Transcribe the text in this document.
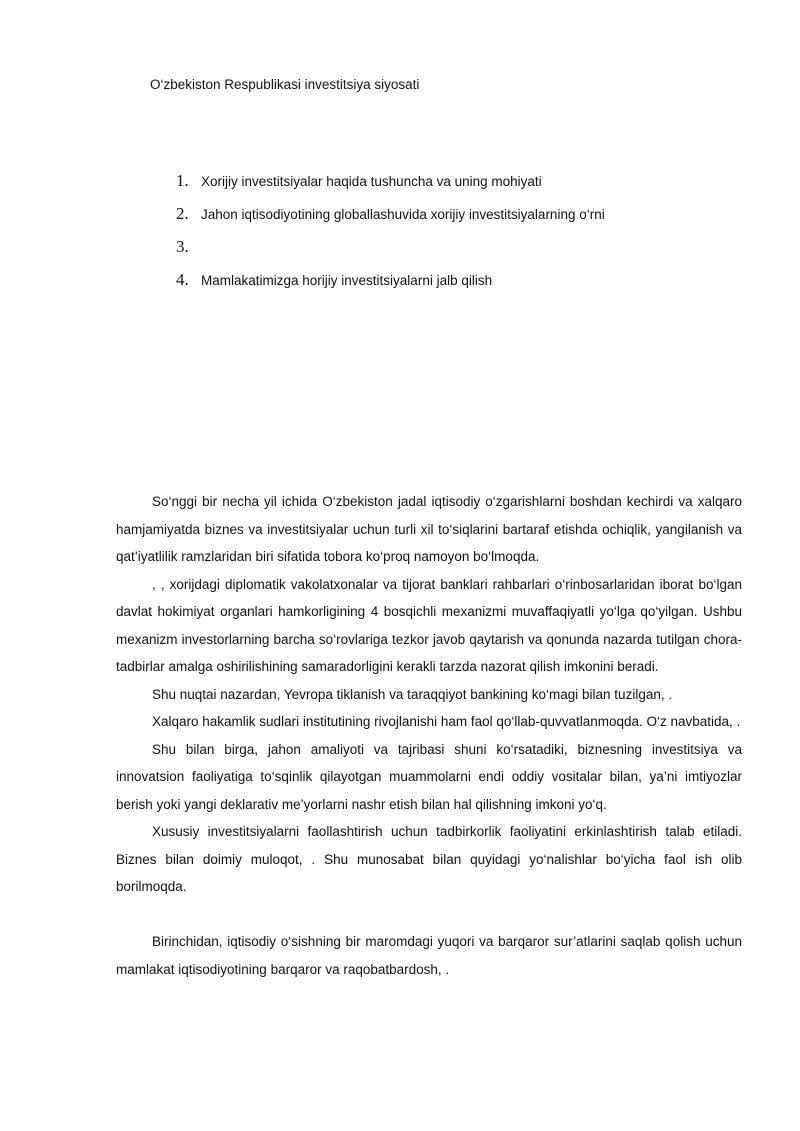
O‘zbekiston Respublikasi investitsiya siyosati
1. Xorijiy investitsiyalar haqida tushuncha va uning mohiyati
2. Jahon iqtisodiyotining globallashuvida xorijiy investitsiyalarning o‘rni
3.
4. Mamlakatimizga horijiy investitsiyalarni jalb qilish

So‘nggi bir necha yil ichida O‘zbekiston jadal iqtisodiy o‘zgarishlarni boshdan kechirdi va xalqaro hamjamiyatda biznes va investitsiyalar uchun turli xil to‘siqlarini bartaraf etishda ochiqlik, yangilanish va qat’iyatlilik ramzlaridan biri sifatida tobora ko‘proq namoyon bo‘lmoqda.

, , xorijdagi diplomatik vakolatxonalar va tijorat banklari rahbarlari o‘rinbosarlaridan iborat bo‘lgan davlat hokimiyat organlari hamkorligining 4 bosqichli mexanizmi muvaffaqiyatli yo‘lga qo‘yilgan. Ushbu mexanizm investorlarning barcha so‘rovlariga tezkor javob qaytarish va qonunda nazarda tutilgan chora-tadbirlar amalga oshirilishining samaradorligini kerakli tarzda nazorat qilish imkonini beradi.

Shu nuqtai nazardan, Yevropa tiklanish va taraqqiyot bankining ko‘magi bilan tuzilgan, .

Xalqaro hakamlik sudlari institutining rivojlanishi ham faol qo‘llab-quvvatlanmoqda. O‘z navbatida, .

Shu bilan birga, jahon amaliyoti va tajribasi shuni ko‘rsatadiki, biznesning investitsiya va innovatsion faoliyatiga to‘sqinlik qilayotgan muammolarni endi oddiy vositalar bilan, ya’ni imtiyozlar berish yoki yangi deklarativ me’yorlarni nashr etish bilan hal qilishning imkoni yo‘q.

Xususiy investitsiyalarni faollashtirish uchun tadbirkorlik faoliyatini erkinlashtirish talab etiladi. Biznes bilan doimiy muloqot, . Shu munosabat bilan quyidagi yo‘nalishlar bo‘yicha faol ish olib borilmoqda.

Birinchidan, iqtisodiy o‘sishning bir maromdagi yuqori va barqaror sur’atlarini saqlab qolish uchun mamlakat iqtisodiyotining barqaror va raqobatbardosh, .
